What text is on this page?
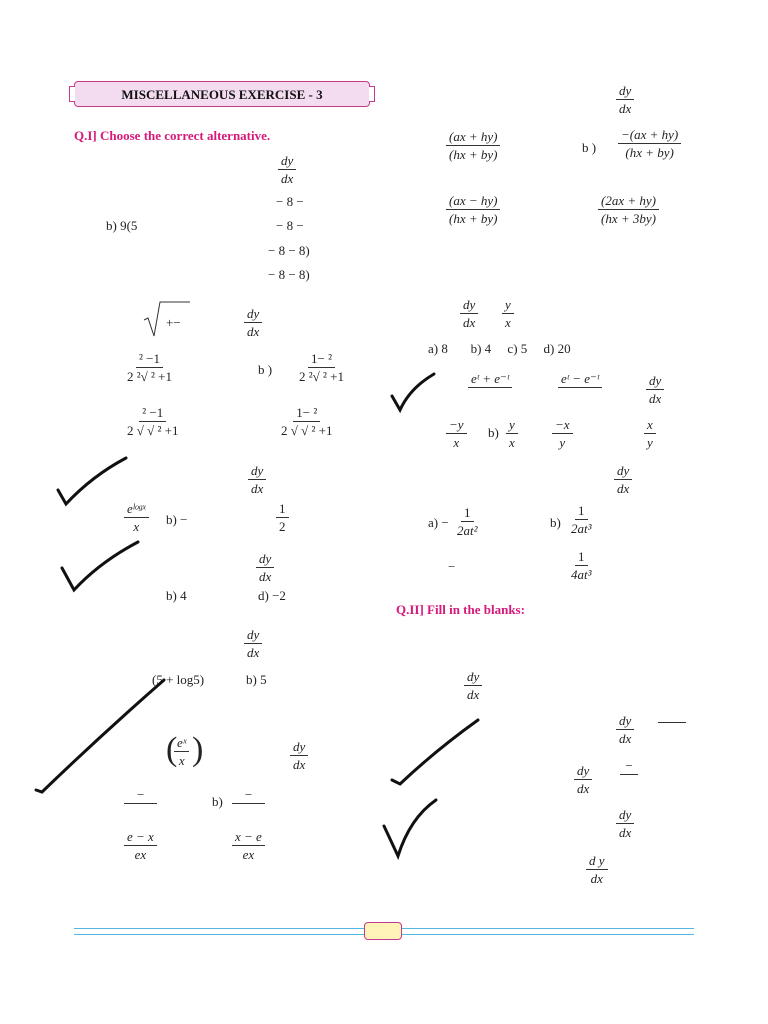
MISCELLANEOUS EXERCISE - 3
Q.I] Choose the correct alternative.
Q.II] Fill in the blanks:
$\frac{dy}{dx}$
− 8 −
b) 9(5	− 8 −
− 8 − 8)
− 8 − 8)
+−	$\frac{dy}{dx}$
$\frac{\text{² −1}}{\text{2 ²√ ² +1}}$	b ) $\frac{\text{1− ²}}{\text{2 ²√ ² +1}}$
$\frac{\text{² −1}}{\text{2 √ √ ² +1}}$	$\frac{\text{1− ²}}{\text{2 √ √ ² +1}}$
$\frac{dy}{dx}$
eˡᵒᵍˣ
x b) −	$\frac{1}{2}$
$\frac{dy}{dx}$
b) 4	d) −2
$\frac{dy}{dx}$
(5 + log5)	b) 5
(
$\frac{\text{eˣ}}{x}$ )	$\frac{dy}{dx}$
−	b)	−
$\frac{e - x}{ex}$	$\frac{x - e}{ex}$
$\frac{dy}{dx}$
$\frac{(ax + hy)}{(hx + by)}$	b ) $\frac{-(ax + hy)}{(hx + by)}$
$\frac{(ax - hy)}{(hx + by)}$	$\frac{(2ax + hy)}{(hx + 3by)}$
$\frac{dy}{dx} \frac{y}{x}$
a) 8       b) 4     c) 5     d) 20
eᵗ + e⁻ᵗ	eᵗ − e⁻ᵗ	$\frac{dy}{dx}$
$\frac{-y}{x} b) \frac{y}{x}$	$\frac{-x}{y}$	$\frac{x}{y}$
$\frac{dy}{dx}$
$a) - \frac{1}{\text{2at²}}$	$b) \frac{1}{\text{2at³}}$
−	$\frac{1}{\text{4at³}}$
$\frac{dy}{dx}$
$\frac{dy}{dx}$
$\frac{dy}{dx}$	−
$\frac{dy}{dx}$
$\frac{\text{d y}}{dx}$
